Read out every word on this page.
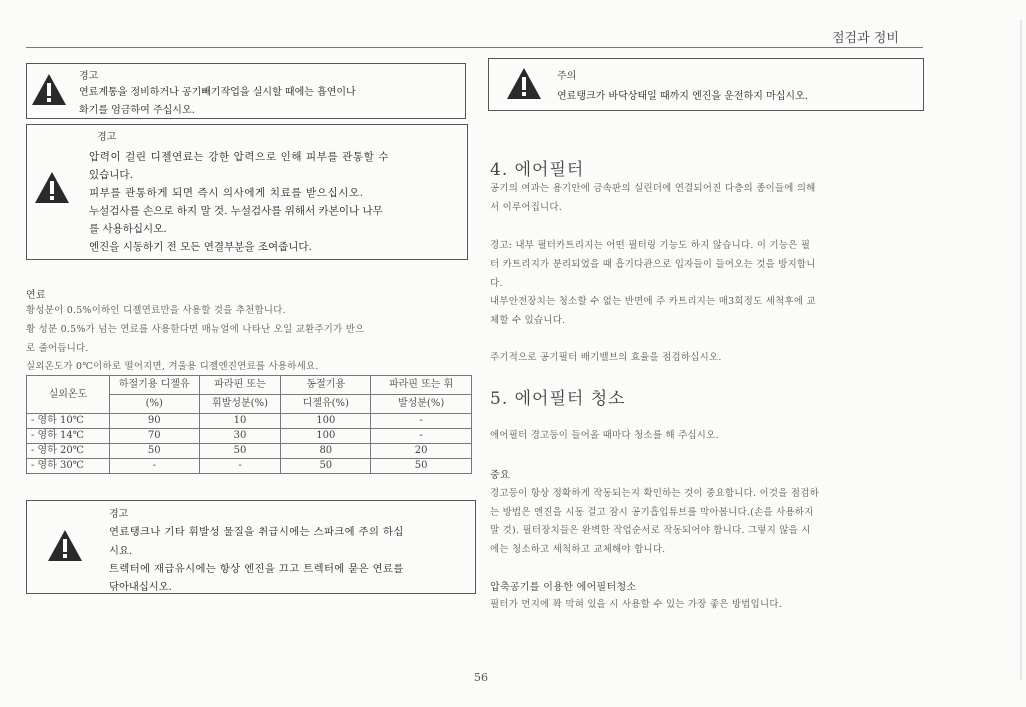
점검과 정비
경고
연료계통을 정비하거나 공기빼기작업을 실시할 때에는 흡연이나
화기를 엄금하여 주십시오.
경고
압력이 걸린 디젤연료는 강한 압력으로 인해 피부를 관통할 수
있습니다.
피부를 관통하게 되면 즉시 의사에게 치료를 받으십시오.
누설검사를 손으로 하지 말 것. 누설검사를 위해서 카본이나 나무
를 사용하십시오.
엔진을 시동하기 전 모든 연결부분을 조여줍니다.
연료
황성분이 0.5%이하인 디젤연료만을 사용할 것을 추천합니다.
황 성분 0.5%가 넘는 연료를 사용한다면 매뉴얼에 나타난 오일 교환주기가 반으
로 줄어듭니다.
실외온도가 0℃이하로 떨어지면, 겨울용 디젤엔진연료를 사용하세요.
실외온도	하절기용 디젤유	파라핀 또는	동절기용	파라핀 또는 휘
	(%)	휘발성분(%)	디젤유(%)	발성분(%)
- 영하 10℃	90	10	100	-
- 영하 14℃	70	30	100	-
- 영하 20℃	50	50	80	20
- 영하 30℃	-	-	50	50
경고
연료탱크나 기타 휘발성 물질을 취급시에는 스파크에 주의 하십
시요.
트렉터에 재급유시에는 항상 엔진을 끄고 트렉터에 묻은 연료를
닦아내십시오.
주의
연료탱크가 바닥상태일 때까지 엔진을 운전하지 마십시오.
4. 에어필터
공기의 여과는 용기안에 금속판의 실린더에 연결되어진 다층의 종이들에 의해
서 이루어집니다.
경고: 내부 필터카트리지는 어떤 필터링 기능도 하지 않습니다. 이 기능은 필
터 카트리지가 분리되었을 때 흡기다관으로 입자들이 들어오는 것을 방지합니
다.
내부안전장치는 청소할 수 없는 반면에 주 카트리지는 매3회정도 세척후에 교
체할 수 있습니다.
주기적으로 공기필터 배기밸브의 효율을 점검하십시오.
5. 에어필터 청소
에어필터 경고등이 들어올 때마다 청소를 해 주십시오.
중요
경고등이 항상 정확하게 작동되는지 확인하는 것이 중요합니다. 이것을 점검하
는 방법은 엔진을 시동 걸고 잠시 공기흡입튜브를 막아봅니다.(손을 사용하지
말 것). 필터장치들은 완벽한 작업순서로 작동되어야 합니다. 그렇지 않을 시
에는 청소하고 세척하고 교체해야 합니다.
압축공기를 이용한 에어필터청소
필터가 먼지에 꽉 막혀 있을 시 사용할 수 있는 가장 좋은 방법입니다.
56
